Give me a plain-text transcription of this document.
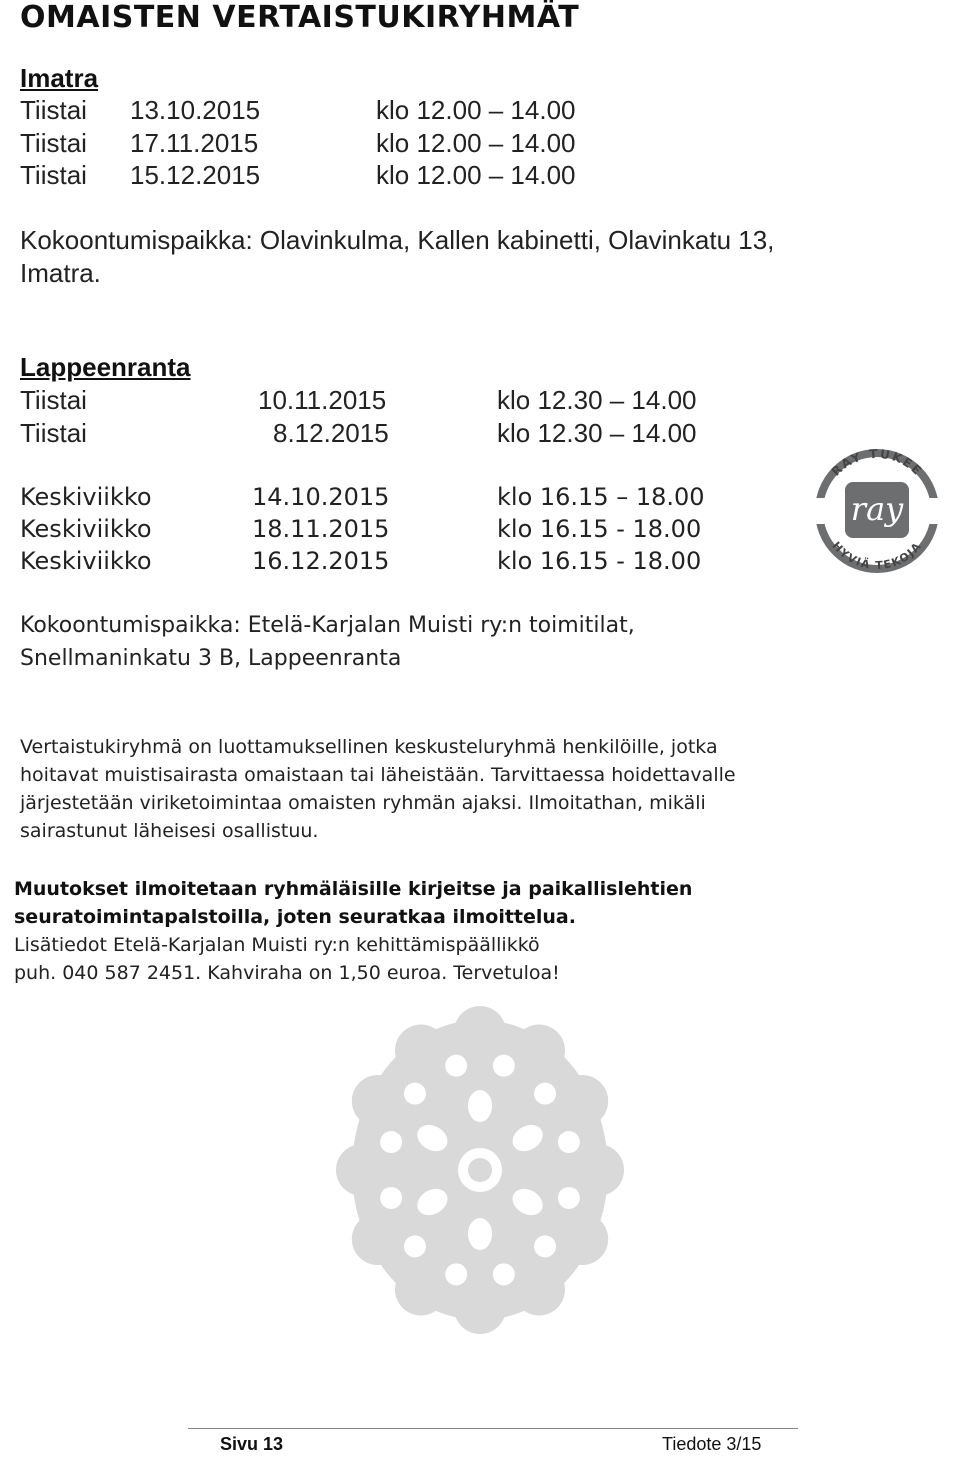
OMAISTEN VERTAISTUKIRYHMÄT
Imatra
Tiistai 13.10.2015	klo 12.00 – 14.00
Tiistai 17.11.2015	klo 12.00 – 14.00
Tiistai 15.12.2015	klo 12.00 – 14.00
Kokoontumispaikka: Olavinkulma, Kallen kabinetti, Olavinkatu 13,
Imatra.
Lappeenranta
Tiistai	10.11.2015	klo 12.30 – 14.00
Tiistai	8.12.2015	klo 12.30 – 14.00
Keskiviikko	14.10.2015	klo 16.15 – 18.00
Keskiviikko	18.11.2015	klo 16.15 - 18.00
Keskiviikko	16.12.2015	klo 16.15 - 18.00
RAY TUKEE
ray
HYVIÄ TEKOJA
Kokoontumispaikka: Etelä-Karjalan Muisti ry:n toimitilat,
Snellmaninkatu 3 B, Lappeenranta
Vertaistukiryhmä on luottamuksellinen keskusteluryhmä henkilöille, jotka
hoitavat muistisairasta omaistaan tai läheistään. Tarvittaessa hoidettavalle
järjestetään viriketoimintaa omaisten ryhmän ajaksi. Ilmoitathan, mikäli
sairastunut läheisesi osallistuu.
Muutokset ilmoitetaan ryhmäläisille kirjeitse ja paikallislehtien
seuratoimintapalstoilla, joten seuratkaa ilmoittelua.
Lisätiedot Etelä-Karjalan Muisti ry:n kehittämispäällikkö
puh. 040 587 2451. Kahviraha on 1,50 euroa. Tervetuloa!
Sivu 13	Tiedote 3/15
